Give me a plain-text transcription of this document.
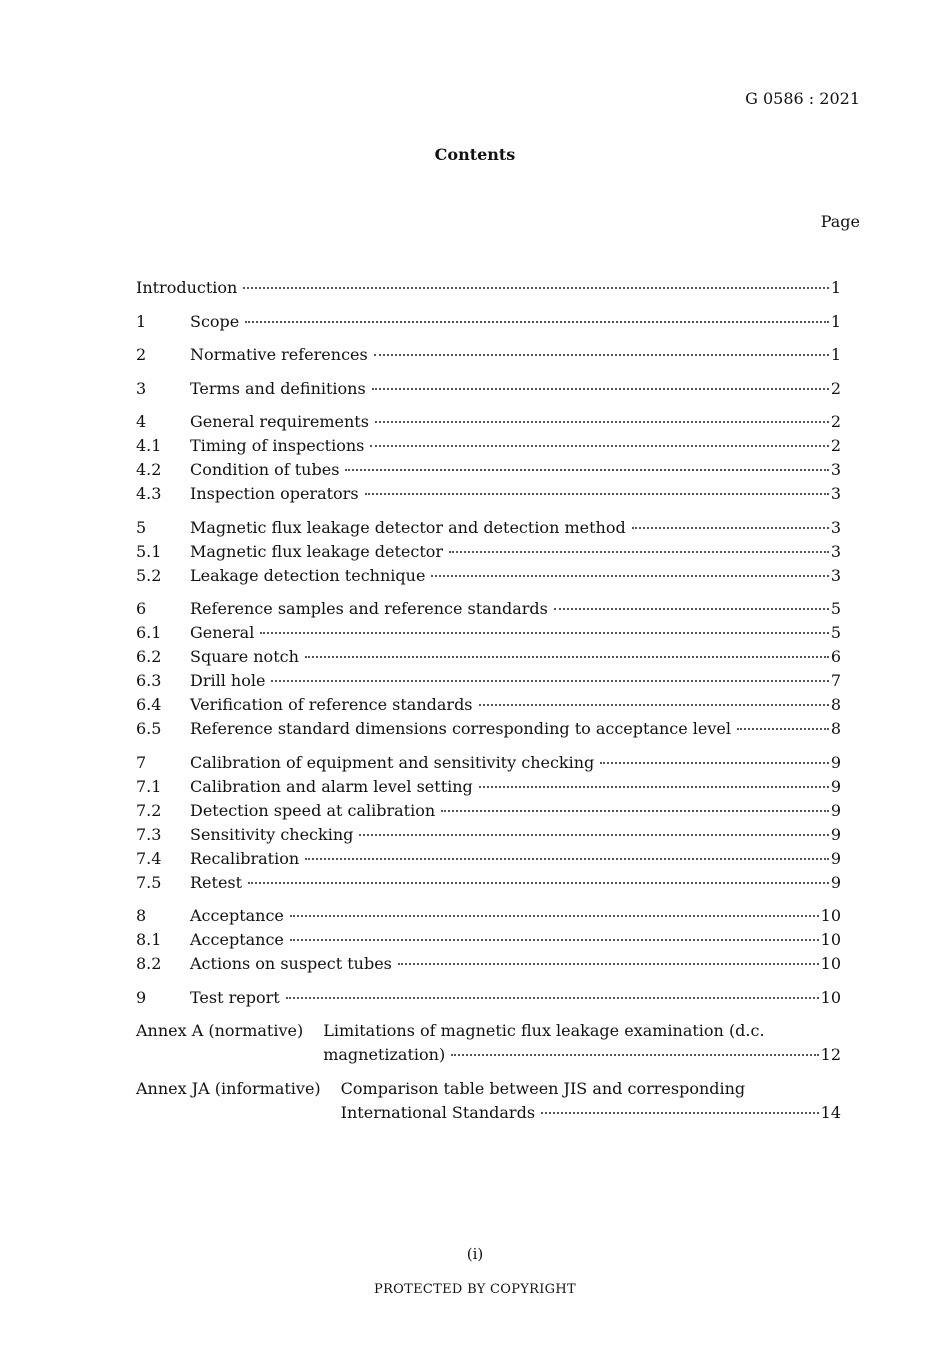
G 0586 : 2021
Contents
Page
Introduction	1
1	Scope	1
2	Normative references	1
3	Terms and definitions	2
4	General requirements	2
4.1	Timing of inspections	2
4.2	Condition of tubes	3
4.3	Inspection operators	3
5	Magnetic flux leakage detector and detection method	3
5.1	Magnetic flux leakage detector	3
5.2	Leakage detection technique	3
6	Reference samples and reference standards	5
6.1	General	5
6.2	Square notch	6
6.3	Drill hole	7
6.4	Verification of reference standards	8
6.5	Reference standard dimensions corresponding to acceptance level	8
7	Calibration of equipment and sensitivity checking	9
7.1	Calibration and alarm level setting	9
7.2	Detection speed at calibration	9
7.3	Sensitivity checking	9
7.4	Recalibration	9
7.5	Retest	9
8	Acceptance	10
8.1	Acceptance	10
8.2	Actions on suspect tubes	10
9	Test report	10
Annex A (normative)	Limitations of magnetic flux leakage examination (d.c.
magnetization)	12
Annex JA (informative)	Comparison table between JIS and corresponding
International Standards	14
(i)
PROTECTED BY COPYRIGHT
